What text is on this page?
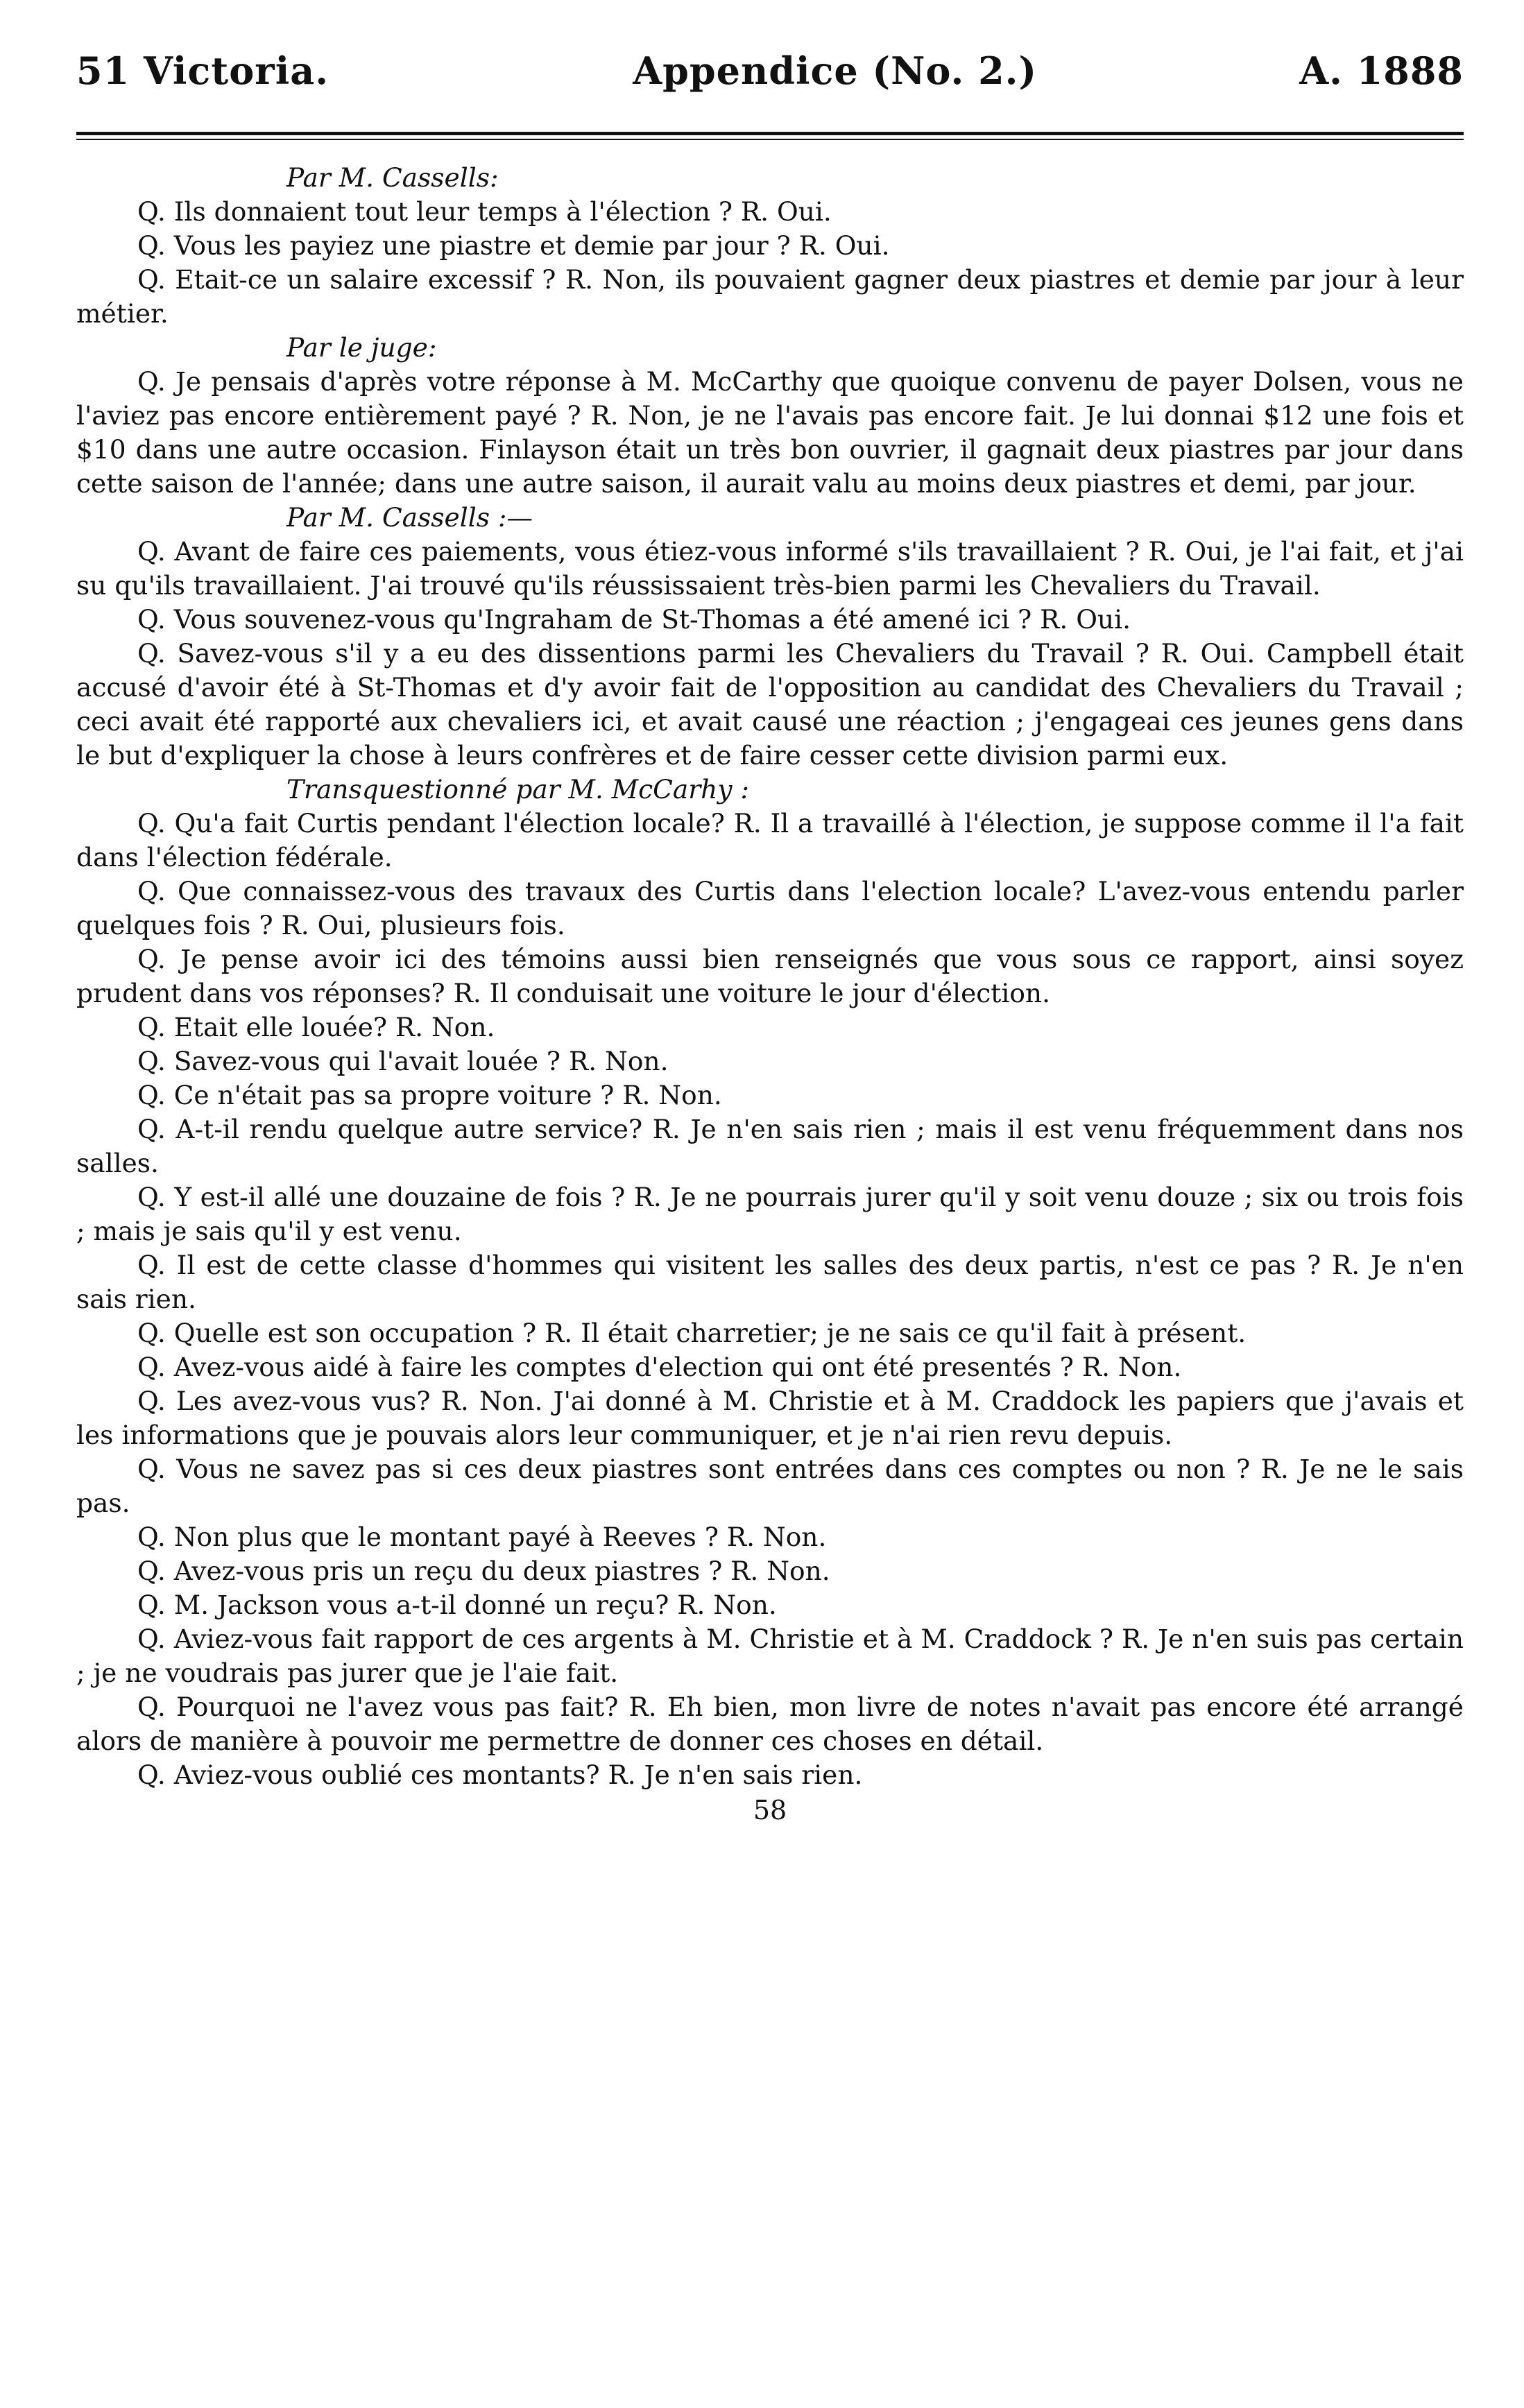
51 Victoria.	Appendice (No. 2.)	A. 1888

Par M. Cassells:

Q. Ils donnaient tout leur temps à l'élection ? R. Oui.

Q. Vous les payiez une piastre et demie par jour ? R. Oui.

Q. Etait-ce un salaire excessif ? R. Non, ils pouvaient gagner deux piastres et demie par jour à leur métier.

Par le juge:

Q. Je pensais d'après votre réponse à M. McCarthy que quoique convenu de payer Dolsen, vous ne l'aviez pas encore entièrement payé ? R. Non, je ne l'avais pas encore fait. Je lui donnai $12 une fois et $10 dans une autre occasion. Finlayson était un très bon ouvrier, il gagnait deux piastres par jour dans cette saison de l'année; dans une autre saison, il aurait valu au moins deux piastres et demi, par jour.

Par M. Cassells :—

Q. Avant de faire ces paiements, vous étiez-vous informé s'ils travaillaient ? R. Oui, je l'ai fait, et j'ai su qu'ils travaillaient. J'ai trouvé qu'ils réussissaient très-bien parmi les Chevaliers du Travail.

Q. Vous souvenez-vous qu'Ingraham de St-Thomas a été amené ici ? R. Oui.

Q. Savez-vous s'il y a eu des dissentions parmi les Chevaliers du Travail ? R. Oui. Campbell était accusé d'avoir été à St-Thomas et d'y avoir fait de l'opposition au candidat des Chevaliers du Travail ; ceci avait été rapporté aux chevaliers ici, et avait causé une réaction ; j'engageai ces jeunes gens dans le but d'expliquer la chose à leurs confrères et de faire cesser cette division parmi eux.

Transquestionné par M. McCarhy :

Q. Qu'a fait Curtis pendant l'élection locale? R. Il a travaillé à l'élection, je suppose comme il l'a fait dans l'élection fédérale.

Q. Que connaissez-vous des travaux des Curtis dans l'election locale? L'avez-vous entendu parler quelques fois ? R. Oui, plusieurs fois.

Q. Je pense avoir ici des témoins aussi bien renseignés que vous sous ce rapport, ainsi soyez prudent dans vos réponses? R. Il conduisait une voiture le jour d'élection.

Q. Etait elle louée? R. Non.

Q. Savez-vous qui l'avait louée ? R. Non.

Q. Ce n'était pas sa propre voiture ? R. Non.

Q. A-t-il rendu quelque autre service? R. Je n'en sais rien ; mais il est venu fréquemment dans nos salles.

Q. Y est-il allé une douzaine de fois ? R. Je ne pourrais jurer qu'il y soit venu douze ; six ou trois fois ; mais je sais qu'il y est venu.

Q. Il est de cette classe d'hommes qui visitent les salles des deux partis, n'est ce pas ? R. Je n'en sais rien.

Q. Quelle est son occupation ? R. Il était charretier; je ne sais ce qu'il fait à présent.

Q. Avez-vous aidé à faire les comptes d'election qui ont été presentés ? R. Non.

Q. Les avez-vous vus? R. Non. J'ai donné à M. Christie et à M. Craddock les papiers que j'avais et les informations que je pouvais alors leur communiquer, et je n'ai rien revu depuis.

Q. Vous ne savez pas si ces deux piastres sont entrées dans ces comptes ou non ? R. Je ne le sais pas.

Q. Non plus que le montant payé à Reeves ? R. Non.

Q. Avez-vous pris un reçu du deux piastres ? R. Non.

Q. M. Jackson vous a-t-il donné un reçu? R. Non.

Q. Aviez-vous fait rapport de ces argents à M. Christie et à M. Craddock ? R. Je n'en suis pas certain ; je ne voudrais pas jurer que je l'aie fait.

Q. Pourquoi ne l'avez vous pas fait? R. Eh bien, mon livre de notes n'avait pas encore été arrangé alors de manière à pouvoir me permettre de donner ces choses en détail.

Q. Aviez-vous oublié ces montants? R. Je n'en sais rien.

58
